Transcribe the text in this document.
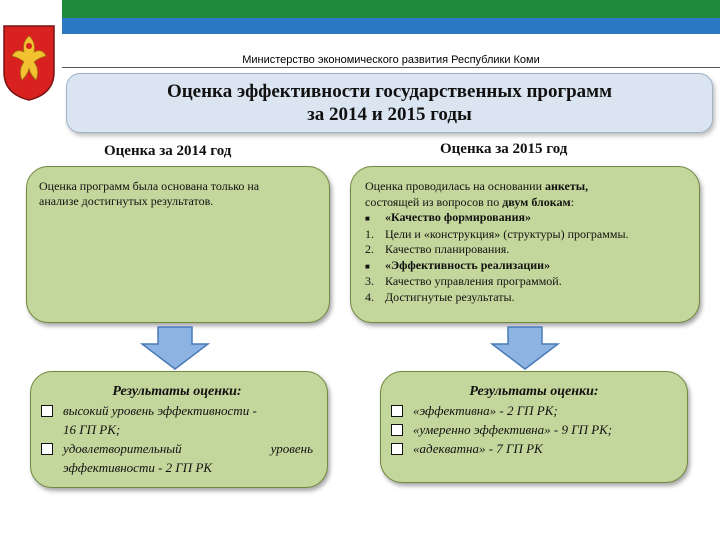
Министерство экономического развития Республики Коми
Оценка эффективности государственных программ
за 2014 и 2015 годы
Оценка за 2014 год	Оценка за 2015 год
Оценка программ была основана только на
анализе достигнутых результатов.
Оценка проводилась на основании анкеты,
состоящей из вопросов по двум блокам:
■ «Качество формирования»
1. Цели и «конструкция» (структуры) программы.
2. Качество планирования.
■ «Эффективность реализации»
3. Качество управления программой.
4. Достигнутые результаты.
Результаты оценки:
высокий уровень эффективности -
16 ГП РК;
удовлетворительный уровень
эффективности - 2 ГП РК
Результаты оценки:
«эффективна» - 2 ГП РК;
«умеренно эффективна» - 9 ГП РК;
«адекватна» - 7 ГП РК
